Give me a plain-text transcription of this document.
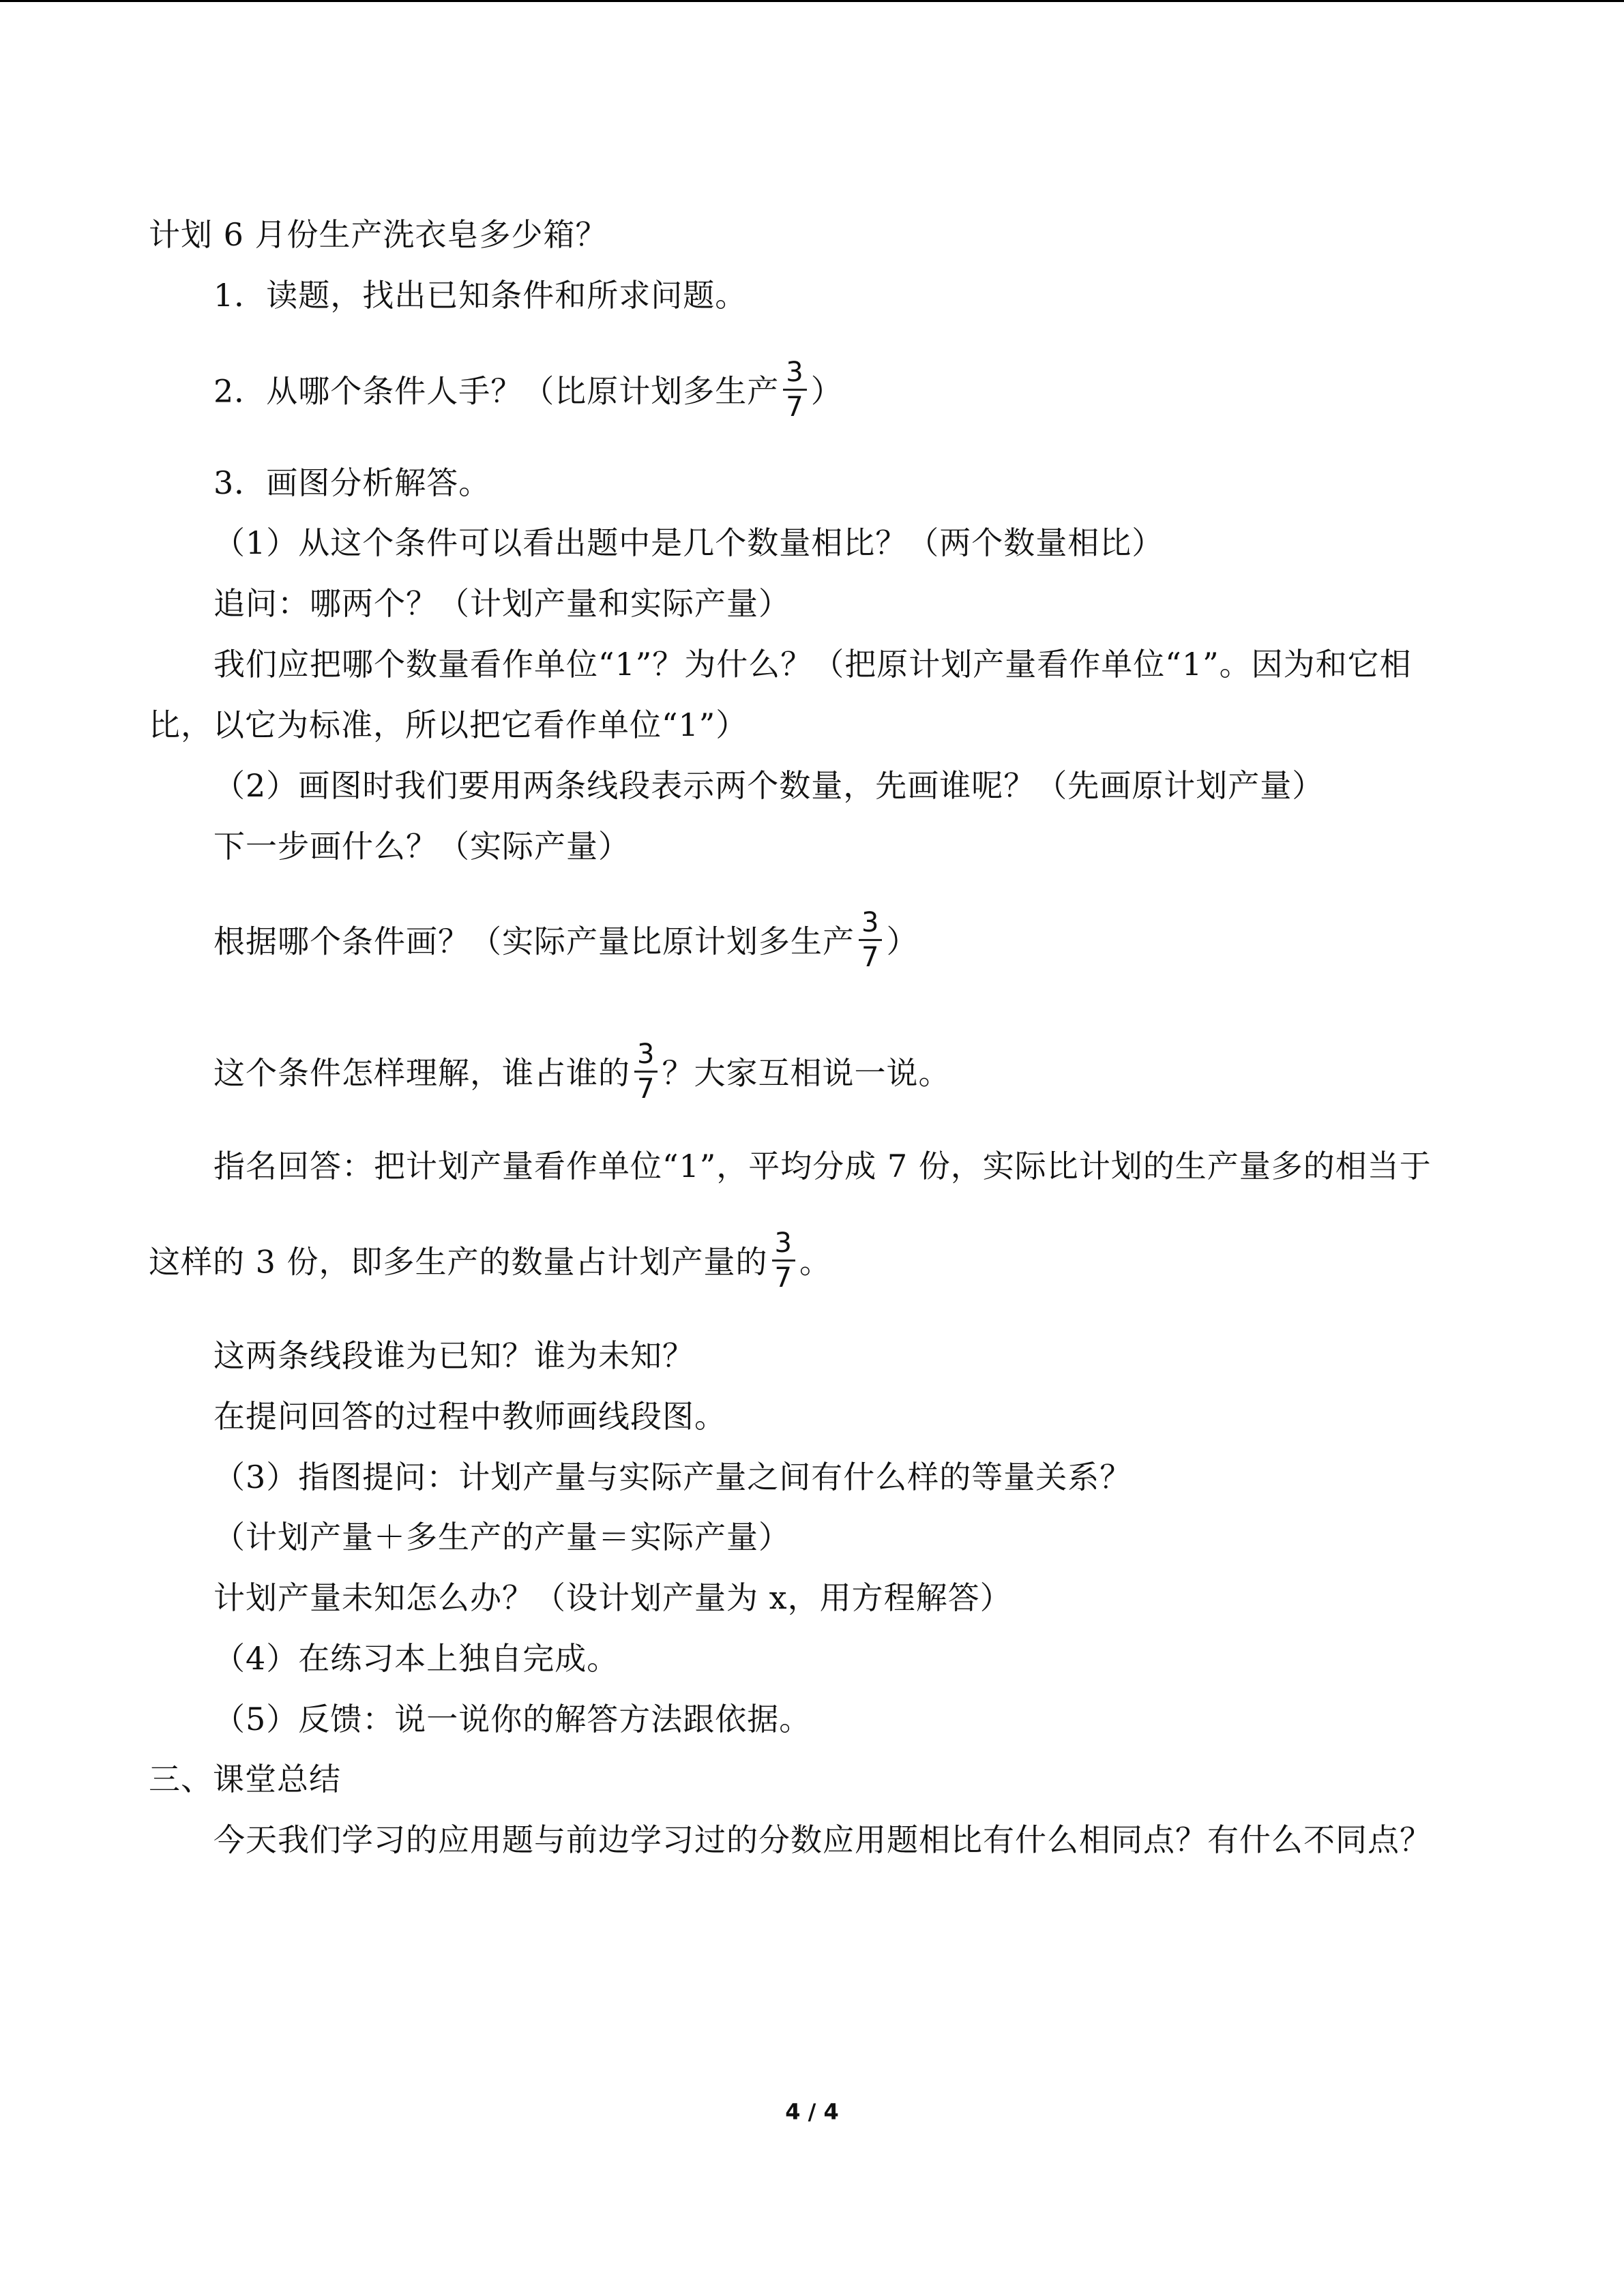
计划 6 月份生产洗衣皂多少箱？
1．读题，找出已知条件和所求问题。
2．从哪个条件人手？（比原计划多生产 $\frac{3}{7}$ ）
3．画图分析解答。
（1）从这个条件可以看出题中是几个数量相比？（两个数量相比）
追问：哪两个？（计划产量和实际产量）
我们应把哪个数量看作单位“1”？为什么？（把原计划产量看作单位“1”。因为和它相
比，以它为标准，所以把它看作单位“1”）
（2）画图时我们要用两条线段表示两个数量，先画谁呢？（先画原计划产量）
下一步画什么？（实际产量）
根据哪个条件画？（实际产量比原计划多生产 $\frac{3}{7}$ ）
这个条件怎样理解，谁占谁的 $\frac{3}{7}$ ？大家互相说一说。
指名回答：把计划产量看作单位“1”，平均分成 7 份，实际比计划的生产量多的相当于
这样的 3 份，即多生产的数量占计划产量的 $\frac{3}{7}$ 。
这两条线段谁为已知？谁为未知？
在提问回答的过程中教师画线段图。
（3）指图提问：计划产量与实际产量之间有什么样的等量关系？
（计划产量＋多生产的产量＝实际产量）
计划产量未知怎么办？（设计划产量为 x，用方程解答）
（4）在练习本上独自完成。
（5）反馈：说一说你的解答方法跟依据。
三、课堂总结
今天我们学习的应用题与前边学习过的分数应用题相比有什么相同点？有什么不同点？
4 / 4
